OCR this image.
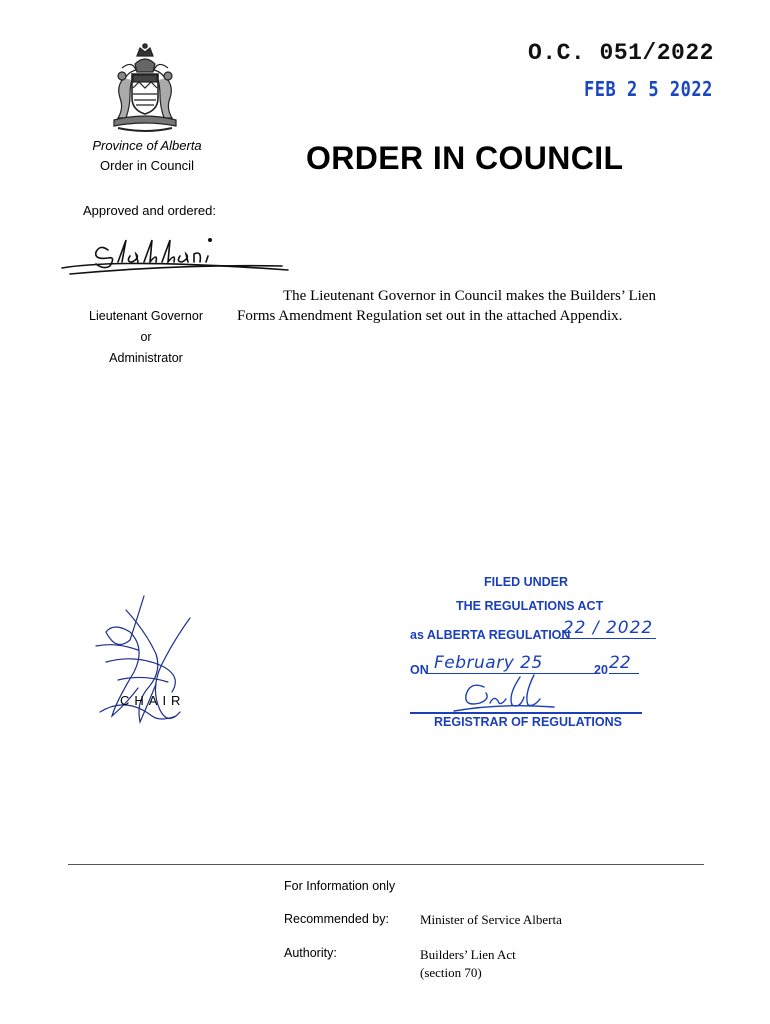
O.C. 051/2022
FEB 2 5 2022
Province of Alberta
Order in Council	ORDER IN COUNCIL
Approved and ordered:
Lieutenant Governor
or
Administrator
The Lieutenant Governor in Council makes the Builders’ Lien
Forms Amendment Regulation set out in the attached Appendix.
CHAIR
FILED UNDER
THE REGULATIONS ACT
as ALBERTA REGULATION
22 / 2022
ON February 25	20 22
REGISTRAR OF REGULATIONS
For Information only
Recommended by: Minister of Service Alberta
Authority:	Builders’ Lien Act
(section 70)
